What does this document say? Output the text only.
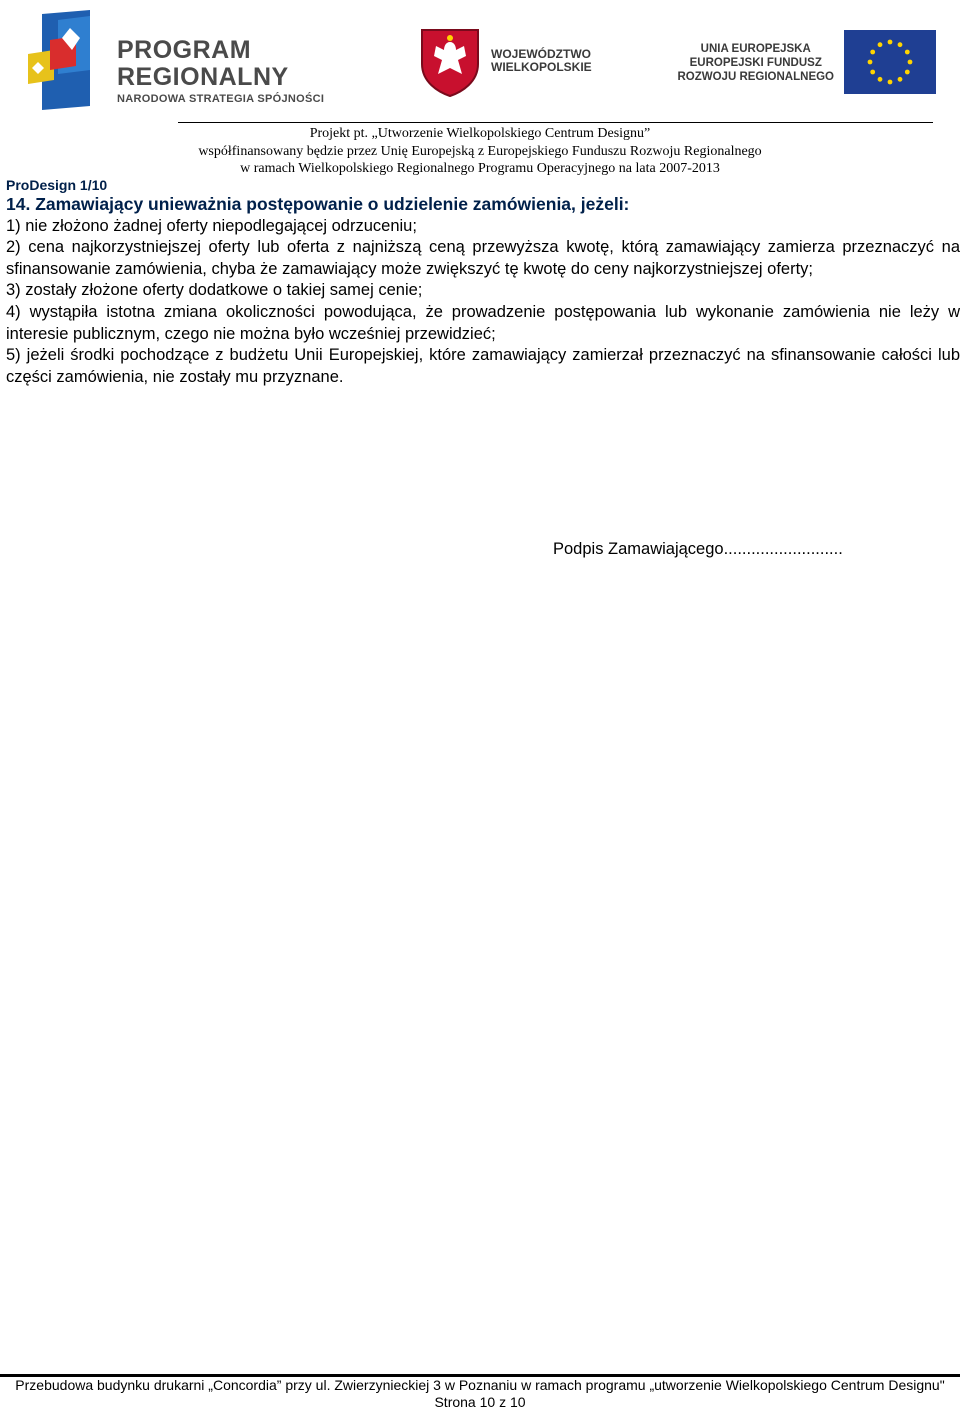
PROGRAM
REGIONALNY
NARODOWA STRATEGIA SPÓJNOŚCI
WOJEWÓDZTWO
WIELKOPOLSKIE
UNIA EUROPEJSKA
EUROPEJSKI FUNDUSZ
ROZWOJU REGIONALNEGO
Projekt pt. „Utworzenie Wielkopolskiego Centrum Designu”
współfinansowany będzie przez Unię Europejską z Europejskiego Funduszu Rozwoju Regionalnego
w ramach Wielkopolskiego Regionalnego Programu Operacyjnego na lata 2007-2013
ProDesign 1/10

14. Zamawiający unieważnia postępowanie o udzielenie zamówienia, jeżeli:

1) nie złożono żadnej oferty niepodlegającej odrzuceniu;

2) cena najkorzystniejszej oferty lub oferta z najniższą ceną przewyższa kwotę, którą zamawiający zamierza przeznaczyć na sfinansowanie zamówienia, chyba że zamawiający może zwiększyć tę kwotę do ceny najkorzystniejszej oferty;

3) zostały złożone oferty dodatkowe o takiej samej cenie;

4) wystąpiła istotna zmiana okoliczności powodująca, że prowadzenie postępowania lub wykonanie zamówienia nie leży w interesie publicznym, czego nie można było wcześniej przewidzieć;

5) jeżeli środki pochodzące z budżetu Unii Europejskiej, które zamawiający zamierzał przeznaczyć na sfinansowanie całości lub części zamówienia, nie zostały mu przyznane.

Podpis Zamawiającego..........................
Przebudowa budynku drukarni „Concordia” przy ul. Zwierzynieckiej 3 w Poznaniu w ramach programu „utworzenie Wielkopolskiego Centrum Designu"
Strona 10 z 10
